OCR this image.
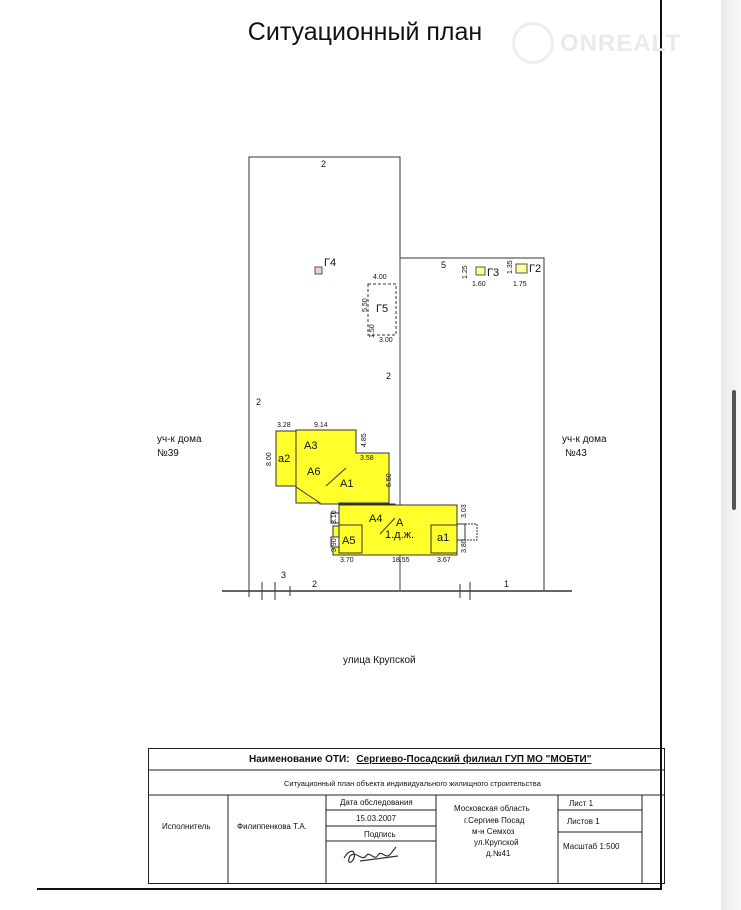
Ситуационный план	ONREALT
a2
A3
A6
A1
A4 A
1.д.ж.
A5	a1
Г4
Г5
Г3	Г2
3.28	9.14
8.00
4.85
3.58
6.50
3.10	3.03
3.90	3.80
3.70	18.55	3.67
4.00
5.50
1.50
3.00
1.25
1.60
1.35
1.75
2
5
2
2
3
2	1
уч-к дома
№39
уч-к дома
№43
улица Крупской
Наименование ОТИ: Сергиево-Посадский филиал ГУП МО "МОБТИ"
Ситуационный план объекта индивидуального жилищного строительства
Исполнитель	Филиппенкова Т.А.
Дата обследования
15.03.2007
Подпись
Московская область
г.Сергиев Посад
м-н Семхоз
ул.Крупской
д.№41
Лист 1
Листов 1
Масштаб 1:500
